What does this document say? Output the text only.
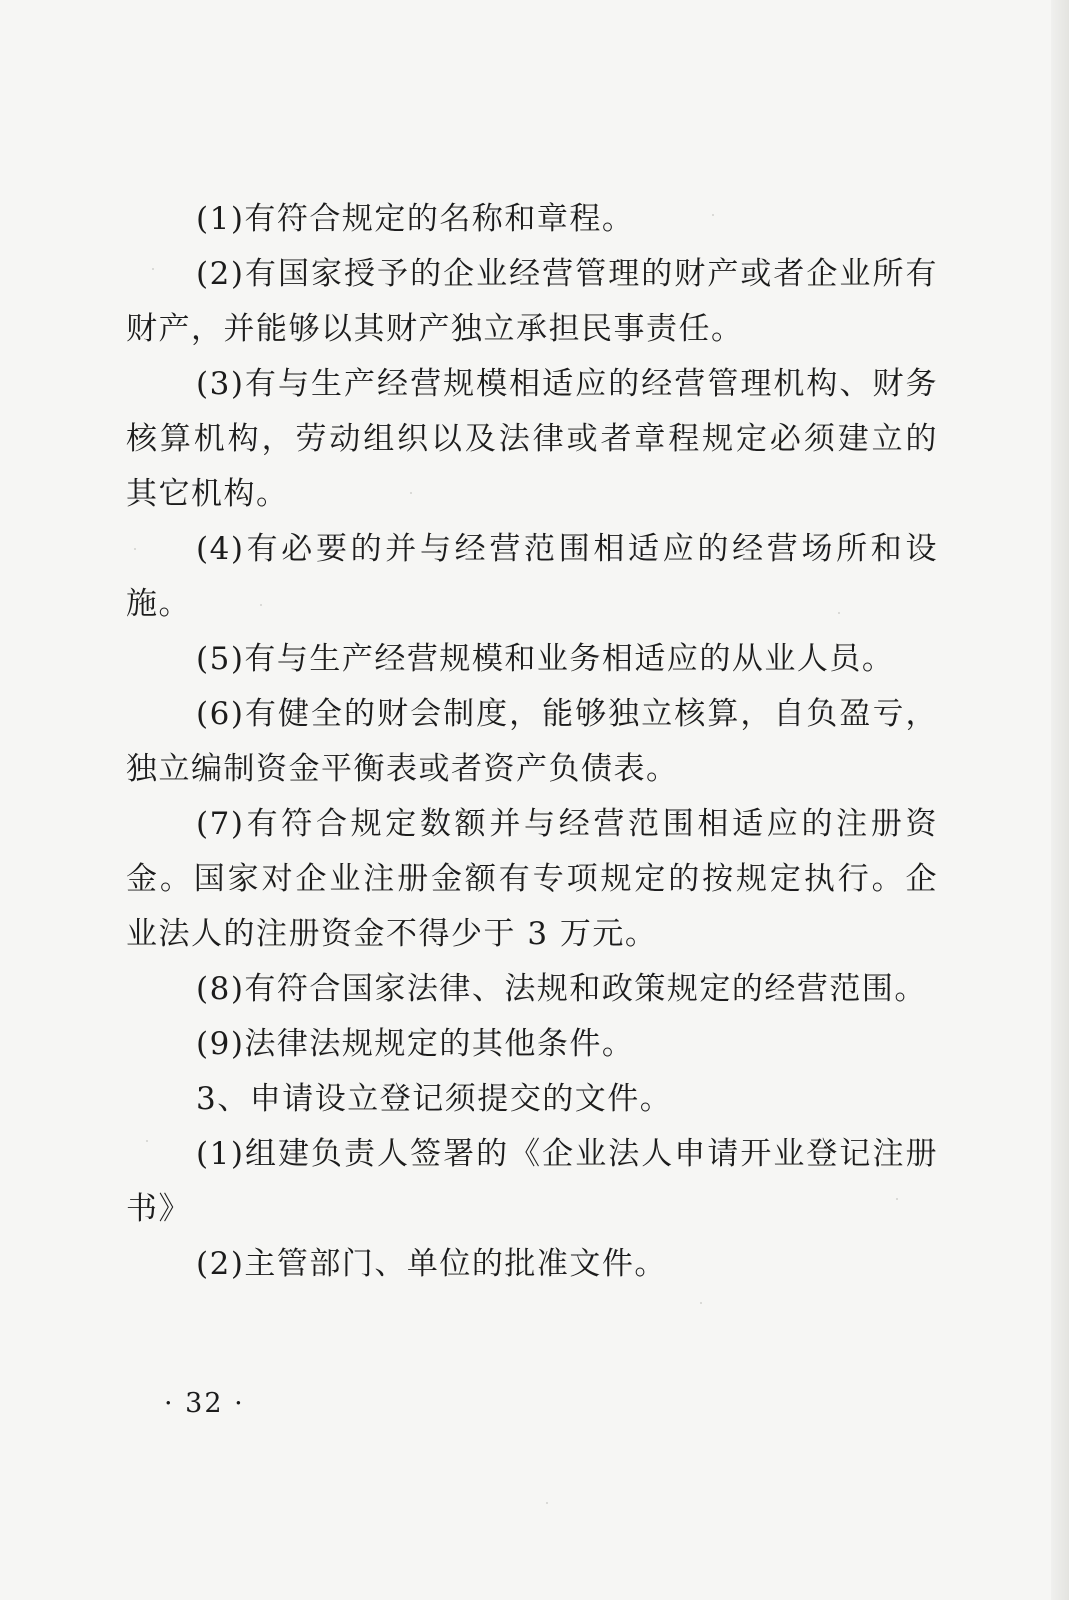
(1)有符合规定的名称和章程。

(2)有国家授予的企业经营管理的财产或者企业所有财产，并能够以其财产独立承担民事责任。

(3)有与生产经营规模相适应的经营管理机构、财务核算机构，劳动组织以及法律或者章程规定必须建立的其它机构。

(4)有必要的并与经营范围相适应的经营场所和设施。

(5)有与生产经营规模和业务相适应的从业人员。

(6)有健全的财会制度，能够独立核算，自负盈亏，独立编制资金平衡表或者资产负债表。

(7)有符合规定数额并与经营范围相适应的注册资金。国家对企业注册金额有专项规定的按规定执行。企业法人的注册资金不得少于 3 万元。

(8)有符合国家法律、法规和政策规定的经营范围。

(9)法律法规规定的其他条件。

3、申请设立登记须提交的文件。

(1)组建负责人签署的《企业法人申请开业登记注册书》

(2)主管部门、单位的批准文件。

· 32 ·
